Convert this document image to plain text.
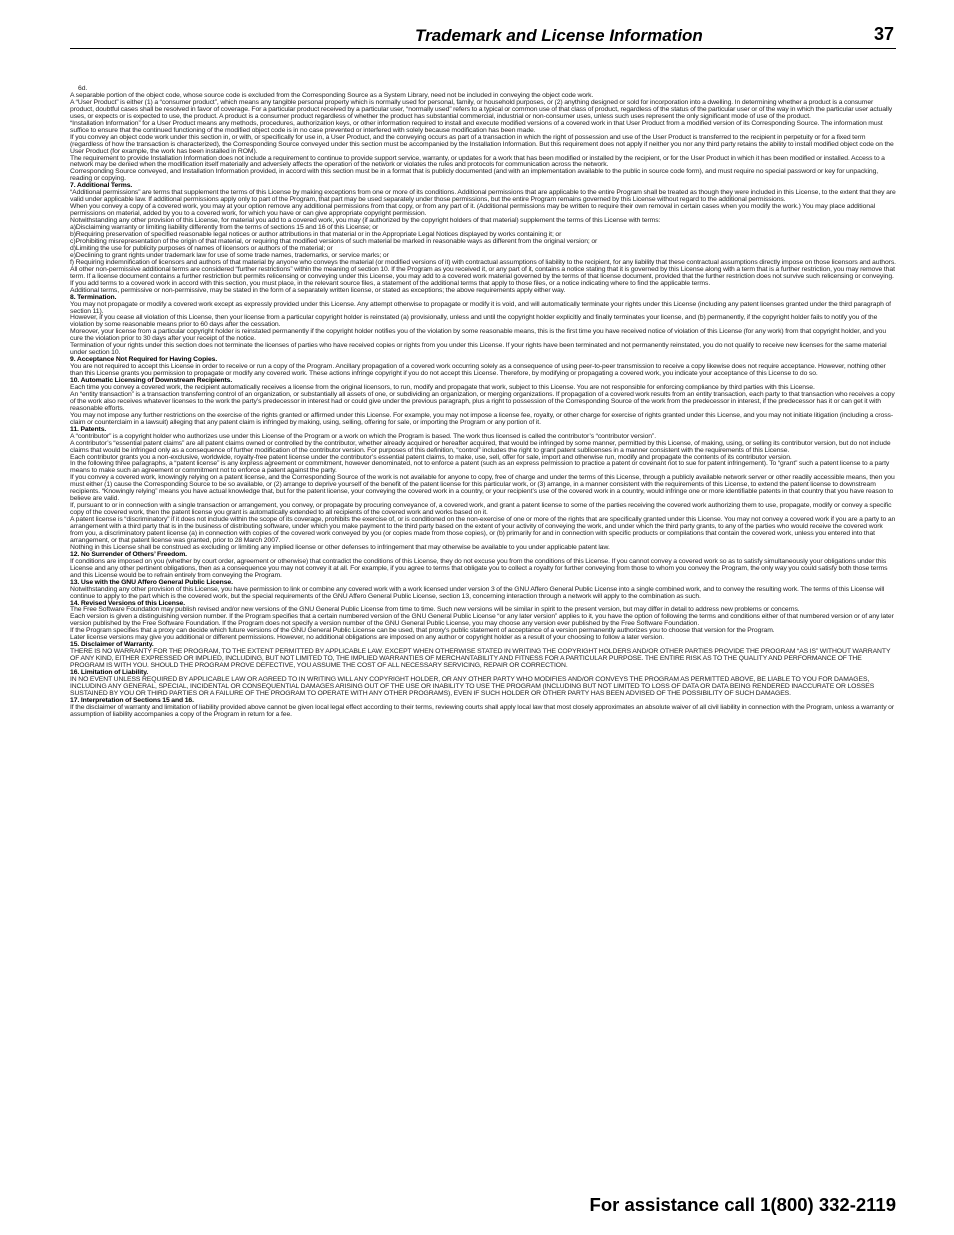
Trademark and License Information	37

6d.

A separable portion of the object code, whose source code is excluded from the Corresponding Source as a System Library, need not be included in conveying the object code work.

A “User Product” is either (1) a “consumer product”, which means any tangible personal property which is normally used for personal, family, or household purposes, or (2) anything designed or sold for incorporation into a dwelling. In determining whether a product is a consumer product, doubtful cases shall be resolved in favor of coverage. For a particular product received by a particular user, “normally used” refers to a typical or common use of that class of product, regardless of the status of the particular user or of the way in which the particular user actually uses, or expects or is expected to use, the product. A product is a consumer product regardless of whether the product has substantial commercial, industrial or non-consumer uses, unless such uses represent the only significant mode of use of the product.

“Installation Information” for a User Product means any methods, procedures, authorization keys, or other information required to install and execute modified versions of a covered work in that User Product from a modified version of its Corresponding Source. The information must suffice to ensure that the continued functioning of the modified object code is in no case prevented or interfered with solely because modification has been made.

If you convey an object code work under this section in, or with, or specifically for use in, a User Product, and the conveying occurs as part of a transaction in which the right of possession and use of the User Product is transferred to the recipient in perpetuity or for a fixed term (regardless of how the transaction is characterized), the Corresponding Source conveyed under this section must be accompanied by the Installation Information. But this requirement does not apply if neither you nor any third party retains the ability to install modified object code on the User Product (for example, the work has been installed in ROM).

The requirement to provide Installation Information does not include a requirement to continue to provide support service, warranty, or updates for a work that has been modified or installed by the recipient, or for the User Product in which it has been modified or installed. Access to a network may be denied when the modification itself materially and adversely affects the operation of the network or violates the rules and protocols for communication across the network.

Corresponding Source conveyed, and Installation Information provided, in accord with this section must be in a format that is publicly documented (and with an implementation available to the public in source code form), and must require no special password or key for unpacking, reading or copying.

7. Additional Terms.

“Additional permissions” are terms that supplement the terms of this License by making exceptions from one or more of its conditions. Additional permissions that are applicable to the entire Program shall be treated as though they were included in this License, to the extent that they are valid under applicable law. If additional permissions apply only to part of the Program, that part may be used separately under those permissions, but the entire Program remains governed by this License without regard to the additional permissions.

When you convey a copy of a covered work, you may at your option remove any additional permissions from that copy, or from any part of it. (Additional permissions may be written to require their own removal in certain cases when you modify the work.) You may place additional permissions on material, added by you to a covered work, for which you have or can give appropriate copyright permission.

Notwithstanding any other provision of this License, for material you add to a covered work, you may (if authorized by the copyright holders of that material) supplement the terms of this License with terms:

a)Disclaiming warranty or limiting liability differently from the terms of sections 15 and 16 of this License; or

b)Requiring preservation of specified reasonable legal notices or author attributions in that material or in the Appropriate Legal Notices displayed by works containing it; or

c)Prohibiting misrepresentation of the origin of that material, or requiring that modified versions of such material be marked in reasonable ways as different from the original version; or

d)Limiting the use for publicity purposes of names of licensors or authors of the material; or

e)Declining to grant rights under trademark law for use of some trade names, trademarks, or service marks; or

f) Requiring indemnification of licensors and authors of that material by anyone who conveys the material (or modified versions of it) with contractual assumptions of liability to the recipient, for any liability that these contractual assumptions directly impose on those licensors and authors.

All other non-permissive additional terms are considered “further restrictions” within the meaning of section 10. If the Program as you received it, or any part of it, contains a notice stating that it is governed by this License along with a term that is a further restriction, you may remove that term. If a license document contains a further restriction but permits relicensing or conveying under this License, you may add to a covered work material governed by the terms of that license document, provided that the further restriction does not survive such relicensing or conveying.

If you add terms to a covered work in accord with this section, you must place, in the relevant source files, a statement of the additional terms that apply to those files, or a notice indicating where to find the applicable terms.

Additional terms, permissive or non-permissive, may be stated in the form of a separately written license, or stated as exceptions; the above requirements apply either way.

8. Termination.

You may not propagate or modify a covered work except as expressly provided under this License. Any attempt otherwise to propagate or modify it is void, and will automatically terminate your rights under this License (including any patent licenses granted under the third paragraph of section 11).

However, if you cease all violation of this License, then your license from a particular copyright holder is reinstated (a) provisionally, unless and until the copyright holder explicitly and finally terminates your license, and (b) permanently, if the copyright holder fails to notify you of the violation by some reasonable means prior to 60 days after the cessation.

Moreover, your license from a particular copyright holder is reinstated permanently if the copyright holder notifies you of the violation by some reasonable means, this is the first time you have received notice of violation of this License (for any work) from that copyright holder, and you cure the violation prior to 30 days after your receipt of the notice.

Termination of your rights under this section does not terminate the licenses of parties who have received copies or rights from you under this License. If your rights have been terminated and not permanently reinstated, you do not qualify to receive new licenses for the same material under section 10.

9. Acceptance Not Required for Having Copies.

You are not required to accept this License in order to receive or run a copy of the Program. Ancillary propagation of a covered work occurring solely as a consequence of using peer-to-peer transmission to receive a copy likewise does not require acceptance. However, nothing other than this License grants you permission to propagate or modify any covered work. These actions infringe copyright if you do not accept this License. Therefore, by modifying or propagating a covered work, you indicate your acceptance of this License to do so.

10. Automatic Licensing of Downstream Recipients.

Each time you convey a covered work, the recipient automatically receives a license from the original licensors, to run, modify and propagate that work, subject to this License. You are not responsible for enforcing compliance by third parties with this License.

An “entity transaction” is a transaction transferring control of an organization, or substantially all assets of one, or subdividing an organization, or merging organizations. If propagation of a covered work results from an entity transaction, each party to that transaction who receives a copy of the work also receives whatever licenses to the work the party’s predecessor in interest had or could give under the previous paragraph, plus a right to possession of the Corresponding Source of the work from the predecessor in interest, if the predecessor has it or can get it with reasonable efforts.

You may not impose any further restrictions on the exercise of the rights granted or affirmed under this License. For example, you may not impose a license fee, royalty, or other charge for exercise of rights granted under this License, and you may not initiate litigation (including a cross-claim or counterclaim in a lawsuit) alleging that any patent claim is infringed by making, using, selling, offering for sale, or importing the Program or any portion of it.

11. Patents.

A “contributor” is a copyright holder who authorizes use under this License of the Program or a work on which the Program is based. The work thus licensed is called the contributor’s “contributor version”.

A contributor’s “essential patent claims” are all patent claims owned or controlled by the contributor, whether already acquired or hereafter acquired, that would be infringed by some manner, permitted by this License, of making, using, or selling its contributor version, but do not include claims that would be infringed only as a consequence of further modification of the contributor version. For purposes of this definition, “control” includes the right to grant patent sublicenses in a manner consistent with the requirements of this License.

Each contributor grants you a non-exclusive, worldwide, royalty-free patent license under the contributor’s essential patent claims, to make, use, sell, offer for sale, import and otherwise run, modify and propagate the contents of its contributor version.

In the following three paragraphs, a “patent license” is any express agreement or commitment, however denominated, not to enforce a patent (such as an express permission to practice a patent or covenant not to sue for patent infringement). To “grant” such a patent license to a party means to make such an agreement or commitment not to enforce a patent against the party.

If you convey a covered work, knowingly relying on a patent license, and the Corresponding Source of the work is not available for anyone to copy, free of charge and under the terms of this License, through a publicly available network server or other readily accessible means, then you must either (1) cause the Corresponding Source to be so available, or (2) arrange to deprive yourself of the benefit of the patent license for this particular work, or (3) arrange, in a manner consistent with the requirements of this License, to extend the patent license to downstream recipients. “Knowingly relying” means you have actual knowledge that, but for the patent license, your conveying the covered work in a country, or your recipient’s use of the covered work in a country, would infringe one or more identifiable patents in that country that you have reason to believe are valid.

If, pursuant to or in connection with a single transaction or arrangement, you convey, or propagate by procuring conveyance of, a covered work, and grant a patent license to some of the parties receiving the covered work authorizing them to use, propagate, modify or convey a specific copy of the covered work, then the patent license you grant is automatically extended to all recipients of the covered work and works based on it.

A patent license is “discriminatory” if it does not include within the scope of its coverage, prohibits the exercise of, or is conditioned on the non-exercise of one or more of the rights that are specifically granted under this License. You may not convey a covered work if you are a party to an arrangement with a third party that is in the business of distributing software, under which you make payment to the third party based on the extent of your activity of conveying the work, and under which the third party grants, to any of the parties who would receive the covered work from you, a discriminatory patent license (a) in connection with copies of the covered work conveyed by you (or copies made from those copies), or (b) primarily for and in connection with specific products or compilations that contain the covered work, unless you entered into that arrangement, or that patent license was granted, prior to 28 March 2007.

Nothing in this License shall be construed as excluding or limiting any implied license or other defenses to infringement that may otherwise be available to you under applicable patent law.

12. No Surrender of Others’ Freedom.

If conditions are imposed on you (whether by court order, agreement or otherwise) that contradict the conditions of this License, they do not excuse you from the conditions of this License. If you cannot convey a covered work so as to satisfy simultaneously your obligations under this License and any other pertinent obligations, then as a consequence you may not convey it at all. For example, if you agree to terms that obligate you to collect a royalty for further conveying from those to whom you convey the Program, the only way you could satisfy both those terms and this License would be to refrain entirely from conveying the Program.

13. Use with the GNU Affero General Public License.

Notwithstanding any other provision of this License, you have permission to link or combine any covered work with a work licensed under version 3 of the GNU Affero General Public License into a single combined work, and to convey the resulting work. The terms of this License will continue to apply to the part which is the covered work, but the special requirements of the GNU Affero General Public License, section 13, concerning interaction through a network will apply to the combination as such.

14. Revised Versions of this License.

The Free Software Foundation may publish revised and/or new versions of the GNU General Public License from time to time. Such new versions will be similar in spirit to the present version, but may differ in detail to address new problems or concerns.

Each version is given a distinguishing version number. If the Program specifies that a certain numbered version of the GNU General Public License “or any later version” applies to it, you have the option of following the terms and conditions either of that numbered version or of any later version published by the Free Software Foundation. If the Program does not specify a version number of the GNU General Public License, you may choose any version ever published by the Free Software Foundation.

If the Program specifies that a proxy can decide which future versions of the GNU General Public License can be used, that proxy’s public statement of acceptance of a version permanently authorizes you to choose that version for the Program.

Later license versions may give you additional or different permissions. However, no additional obligations are imposed on any author or copyright holder as a result of your choosing to follow a later version.

15. Disclaimer of Warranty.

THERE IS NO WARRANTY FOR THE PROGRAM, TO THE EXTENT PERMITTED BY APPLICABLE LAW. EXCEPT WHEN OTHERWISE STATED IN WRITING THE COPYRIGHT HOLDERS AND/OR OTHER PARTIES PROVIDE THE PROGRAM “AS IS” WITHOUT WARRANTY OF ANY KIND, EITHER EXPRESSED OR IMPLIED, INCLUDING, BUT NOT LIMITED TO, THE IMPLIED WARRANTIES OF MERCHANTABILITY AND FITNESS FOR A PARTICULAR PURPOSE. THE ENTIRE RISK AS TO THE QUALITY AND PERFORMANCE OF THE PROGRAM IS WITH YOU. SHOULD THE PROGRAM PROVE DEFECTIVE, YOU ASSUME THE COST OF ALL NECESSARY SERVICING, REPAIR OR CORRECTION.

16. Limitation of Liability.

IN NO EVENT UNLESS REQUIRED BY APPLICABLE LAW OR AGREED TO IN WRITING WILL ANY COPYRIGHT HOLDER, OR ANY OTHER PARTY WHO MODIFIES AND/OR CONVEYS THE PROGRAM AS PERMITTED ABOVE, BE LIABLE TO YOU FOR DAMAGES, INCLUDING ANY GENERAL, SPECIAL, INCIDENTAL OR CONSEQUENTIAL DAMAGES ARISING OUT OF THE USE OR INABILITY TO USE THE PROGRAM (INCLUDING BUT NOT LIMITED TO LOSS OF DATA OR DATA BEING RENDERED INACCURATE OR LOSSES SUSTAINED BY YOU OR THIRD PARTIES OR A FAILURE OF THE PROGRAM TO OPERATE WITH ANY OTHER PROGRAMS), EVEN IF SUCH HOLDER OR OTHER PARTY HAS BEEN ADVISED OF THE POSSIBILITY OF SUCH DAMAGES.

17. Interpretation of Sections 15 and 16.

If the disclaimer of warranty and limitation of liability provided above cannot be given local legal effect according to their terms, reviewing courts shall apply local law that most closely approximates an absolute waiver of all civil liability in connection with the Program, unless a warranty or assumption of liability accompanies a copy of the Program in return for a fee.

For assistance call 1(800) 332-2119
